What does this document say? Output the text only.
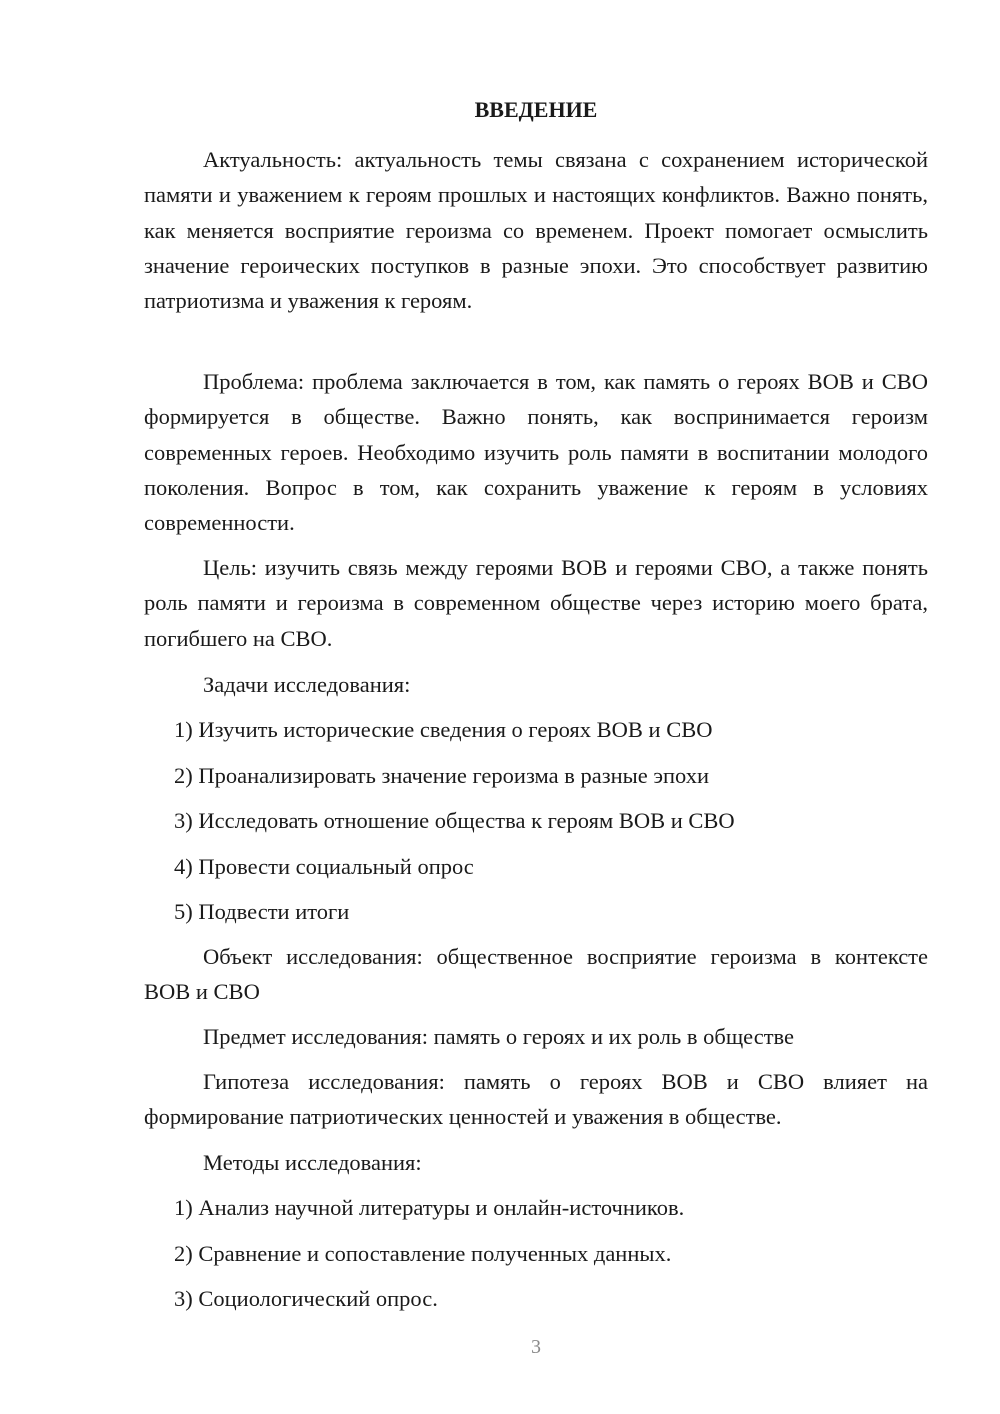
ВВЕДЕНИЕ

Актуальность: актуальность темы связана с сохранением исторической памяти и уважением к героям прошлых и настоящих конфликтов. Важно понять, как меняется восприятие героизма со временем. Проект помогает осмыслить значение героических поступков в разные эпохи. Это способствует развитию патриотизма и уважения к героям.

Проблема: проблема заключается в том, как память о героях ВОВ и СВО формируется в обществе. Важно понять, как воспринимается героизм современных героев. Необходимо изучить роль памяти в воспитании молодого поколения. Вопрос в том, как сохранить уважение к героям в условиях современности.

Цель: изучить связь между героями ВОВ и героями СВО, а также понять роль памяти и героизма в современном обществе через историю моего брата, погибшего на СВО.

Задачи исследования:

1) Изучить исторические сведения о героях ВОВ и СВО

2) Проанализировать значение героизма в разные эпохи

3) Исследовать отношение общества к героям ВОВ и СВО

4) Провести социальный опрос

5) Подвести итоги

Объект исследования: общественное восприятие героизма в контексте ВОВ и СВО

Предмет исследования: память о героях и их роль в обществе

Гипотеза исследования: память о героях ВОВ и СВО влияет на формирование патриотических ценностей и уважения в обществе.

Методы исследования:

1) Анализ научной литературы и онлайн-источников.

2) Сравнение и сопоставление полученных данных.

3) Социологический опрос.

3
